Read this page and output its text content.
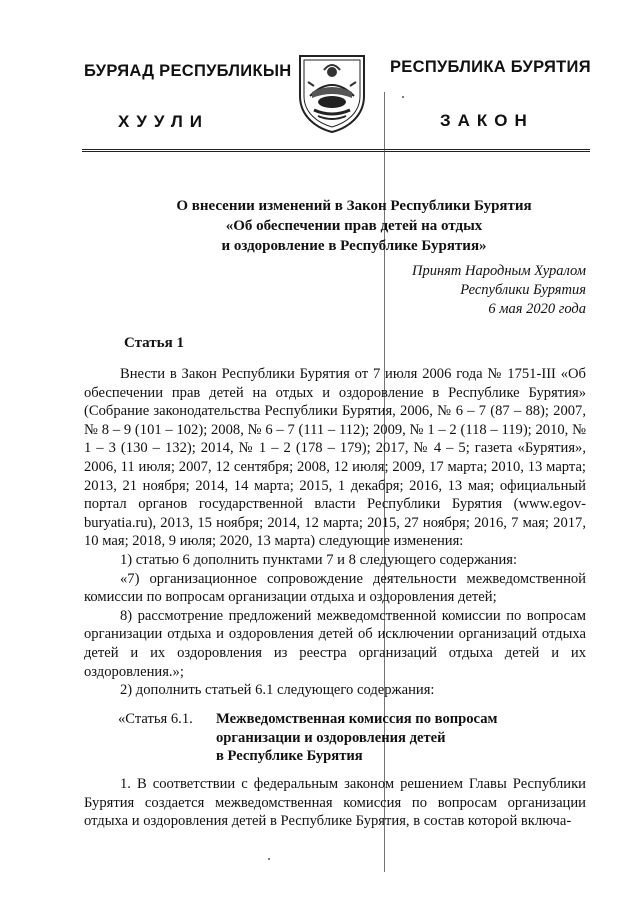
БУРЯАД РЕСПУБЛИКЫН	РЕСПУБЛИКА БУРЯТИЯ
ХУУЛИ	ЗАКОН
О внесении изменений в Закон Республики Бурятия
«Об обеспечении прав детей на отдых
и оздоровление в Республике Бурятия»
Принят Народным Хуралом
Республики Бурятия
6 мая 2020 года
Статья 1

Внести в Закон Республики Бурятия от 7 июля 2006 года № 1751-III «Об обеспечении прав детей на отдых и оздоровление в Республике Бурятия» (Собрание законодательства Республики Бурятия, 2006, № 6 – 7 (87 – 88); 2007, № 8 – 9 (101 – 102); 2008, № 6 – 7 (111 – 112); 2009, № 1 – 2 (118 – 119); 2010, № 1 – 3 (130 – 132); 2014, № 1 – 2 (178 – 179); 2017, № 4 – 5; газета «Бурятия», 2006, 11 июля; 2007, 12 сентября; 2008, 12 июля; 2009, 17 марта; 2010, 13 марта; 2013, 21 ноября; 2014, 14 марта; 2015, 1 декабря; 2016, 13 мая; официальный портал органов государственной власти Республики Бурятия (www.egov-buryatia.ru), 2013, 15 ноября; 2014, 12 марта; 2015, 27 ноября; 2016, 7 мая; 2017, 10 мая; 2018, 9 июля; 2020, 13 марта) следующие изменения:

1) статью 6 дополнить пунктами 7 и 8 следующего содержания:

«7) организационное сопровождение деятельности межведомственной комиссии по вопросам организации отдыха и оздоровления детей;

8) рассмотрение предложений межведомственной комиссии по вопросам организации отдыха и оздоровления детей об исключении организаций отдыха детей и их оздоровления из реестра организаций отдыха детей и их оздоровления.»;

2) дополнить статьей 6.1 следующего содержания:

«Статья 6.1. Межведомственная комиссия по вопросам
организации и оздоровления детей
в Республике Бурятия

1. В соответствии с федеральным законом решением Главы Республики Бурятия создается межведомственная комиссия по вопросам организации отдыха и оздоровления детей в Республике Бурятия, в состав которой включа-
